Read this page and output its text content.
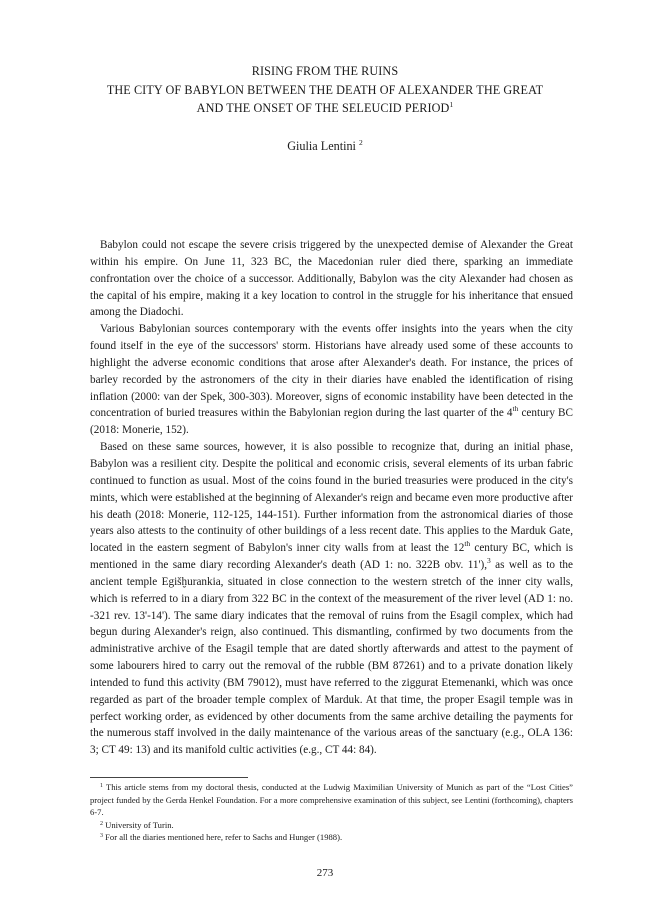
RISING FROM THE RUINS
THE CITY OF BABYLON BETWEEN THE DEATH OF ALEXANDER THE GREAT
AND THE ONSET OF THE SELEUCID PERIOD$^1$
Giulia Lentini $^2$

Babylon could not escape the severe crisis triggered by the unexpected demise of Alexander the Great within his empire. On June 11, 323 BC, the Macedonian ruler died there, sparking an immediate confrontation over the choice of a successor. Additionally, Babylon was the city Alexander had chosen as the capital of his empire, making it a key location to control in the struggle for his inheritance that ensued among the Diadochi.

Various Babylonian sources contemporary with the events offer insights into the years when the city found itself in the eye of the successors' storm. Historians have already used some of these accounts to highlight the adverse economic conditions that arose after Alexander's death. For instance, the prices of barley recorded by the astronomers of the city in their diaries have enabled the identification of rising inflation (2000: van der Spek, 300-303). Moreover, signs of economic instability have been detected in the concentration of buried treasures within the Babylonian region during the last quarter of the 4th century BC (2018: Monerie, 152).

Based on these same sources, however, it is also possible to recognize that, during an initial phase, Babylon was a resilient city. Despite the political and economic crisis, several elements of its urban fabric continued to function as usual. Most of the coins found in the buried treasuries were produced in the city's mints, which were established at the beginning of Alexander's reign and became even more productive after his death (2018: Monerie, 112-125, 144-151). Further information from the astronomical diaries of those years also attests to the continuity of other buildings of a less recent date. This applies to the Marduk Gate, located in the eastern segment of Babylon's inner city walls from at least the 12th century BC, which is mentioned in the same diary recording Alexander's death (AD 1: no. 322B obv. 11'),$^3$ as well as to the ancient temple Egišḫurankia, situated in close connection to the western stretch of the inner city walls, which is referred to in a diary from 322 BC in the context of the measurement of the river level (AD 1: no. -321 rev. 13'-14'). The same diary indicates that the removal of ruins from the Esagil complex, which had begun during Alexander's reign, also continued. This dismantling, confirmed by two documents from the administrative archive of the Esagil temple that are dated shortly afterwards and attest to the payment of some labourers hired to carry out the removal of the rubble (BM 87261) and to a private donation likely intended to fund this activity (BM 79012), must have referred to the ziggurat Etemenanki, which was once regarded as part of the broader temple complex of Marduk. At that time, the proper Esagil temple was in perfect working order, as evidenced by other documents from the same archive detailing the payments for the numerous staff involved in the daily maintenance of the various areas of the sanctuary (e.g., OLA 136: 3; CT 49: 13) and its manifold cultic activities (e.g., CT 44: 84).

$^1$ This article stems from my doctoral thesis, conducted at the Ludwig Maximilian University of Munich as part of the “Lost Cities” project funded by the Gerda Henkel Foundation. For a more comprehensive examination of this subject, see Lentini (forthcoming), chapters 6-7.

$^2$ University of Turin.

$^3$ For all the diaries mentioned here, refer to Sachs and Hunger (1988).

273
